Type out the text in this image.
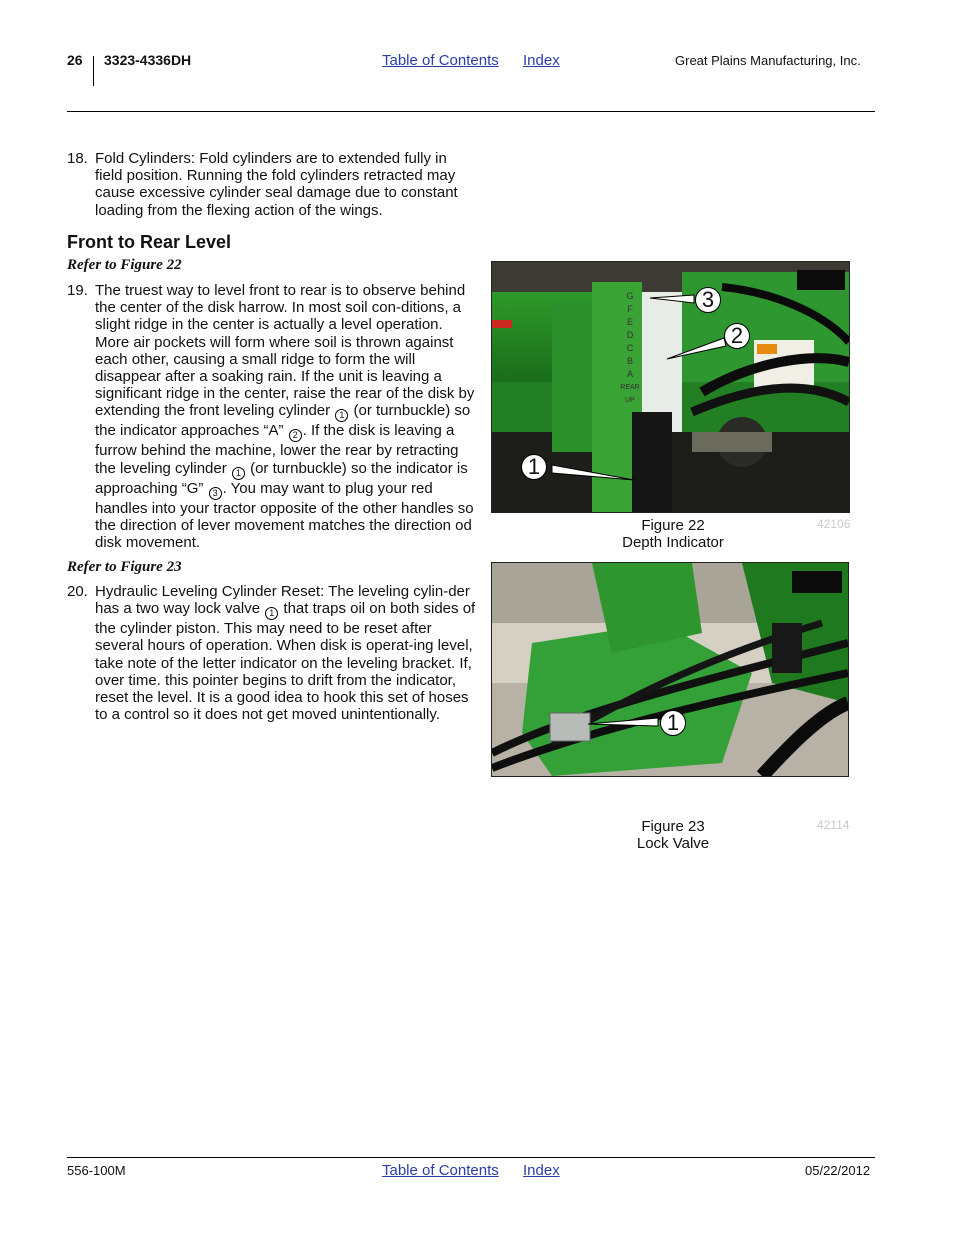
26 3323-4336DH	Table of Contents Index	Great Plains Manufacturing, Inc.
18. Fold Cylinders: Fold cylinders are to extended fully in field position. Running the fold cylinders retracted may cause excessive cylinder seal damage due to constant loading from the flexing action of the wings.
Front to Rear Level
Refer to Figure 22
19. The truest way to level front to rear is to observe behind the center of the disk harrow. In most soil con-ditions, a slight ridge in the center is actually a level operation. More air pockets will form where soil is thrown against each other, causing a small ridge to form the will disappear after a soaking rain. If the unit is leaving a significant ridge in the center, raise the rear of the disk by extending the front leveling cylinder 1 (or turnbuckle) so the indicator approaches “A” 2 . If the disk is leaving a furrow behind the machine, lower the rear by retracting the leveling cylinder 1 (or turnbuckle) so the indicator is approaching “G” 3 . You may want to plug your red handles into your tractor opposite of the other handles so the direction of lever movement matches the direction od disk movement.
Refer to Figure 23
20. Hydraulic Leveling Cylinder Reset: The leveling cylin-der has a two way lock valve 1 that traps oil on both sides of the cylinder piston. This may need to be reset after several hours of operation. When disk is operat-ing level, take note of the letter indicator on the leveling bracket. If, over time. this pointer begins to drift from the indicator, reset the level. It is a good idea to hook this set of hoses to a control so it does not get moved unintentionally.
G
F
E
D
C
B
A
REAR
UP
3
2
1
Figure 22
Depth Indicator
42106
1
Figure 23
Lock Valve
42114
556-100M	Table of Contents Index	05/22/2012
